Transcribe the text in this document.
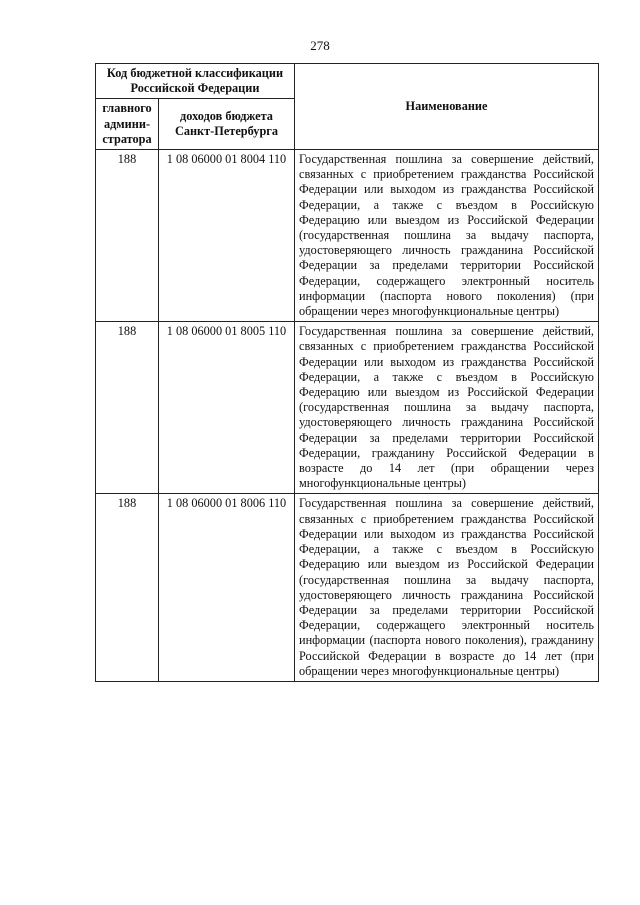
278
Код бюджетной классификации Российской Федерации		Наименование
главного админи-стратора	доходов бюджета Санкт-Петербурга	
188	1 08 06000 01 8004 110	Государственная пошлина за совершение действий, связанных с приобретением гражданства Российской Федерации или выходом из гражданства Российской Федерации, а также с въездом в Российскую Федерацию или выездом из Российской Федерации (государственная пошлина за выдачу паспорта, удостоверяющего личность гражданина Российской Федерации за пределами территории Российской Федерации, содержащего электронный носитель информации (паспорта нового поколения) (при обращении через многофункциональные центры)
188	1 08 06000 01 8005 110	Государственная пошлина за совершение действий, связанных с приобретением гражданства Российской Федерации или выходом из гражданства Российской Федерации, а также с въездом в Российскую Федерацию или выездом из Российской Федерации (государственная пошлина за выдачу паспорта, удостоверяющего личность гражданина Российской Федерации за пределами территории Российской Федерации, гражданину Российской Федерации в возрасте до 14 лет (при обращении через многофункциональные центры)
188	1 08 06000 01 8006 110	Государственная пошлина за совершение действий, связанных с приобретением гражданства Российской Федерации или выходом из гражданства Российской Федерации, а также с въездом в Российскую Федерацию или выездом из Российской Федерации (государственная пошлина за выдачу паспорта, удостоверяющего личность гражданина Российской Федерации за пределами территории Российской Федерации, содержащего электронный носитель информации (паспорта нового поколения), гражданину Российской Федерации в возрасте до 14 лет (при обращении через многофункциональные центры)
